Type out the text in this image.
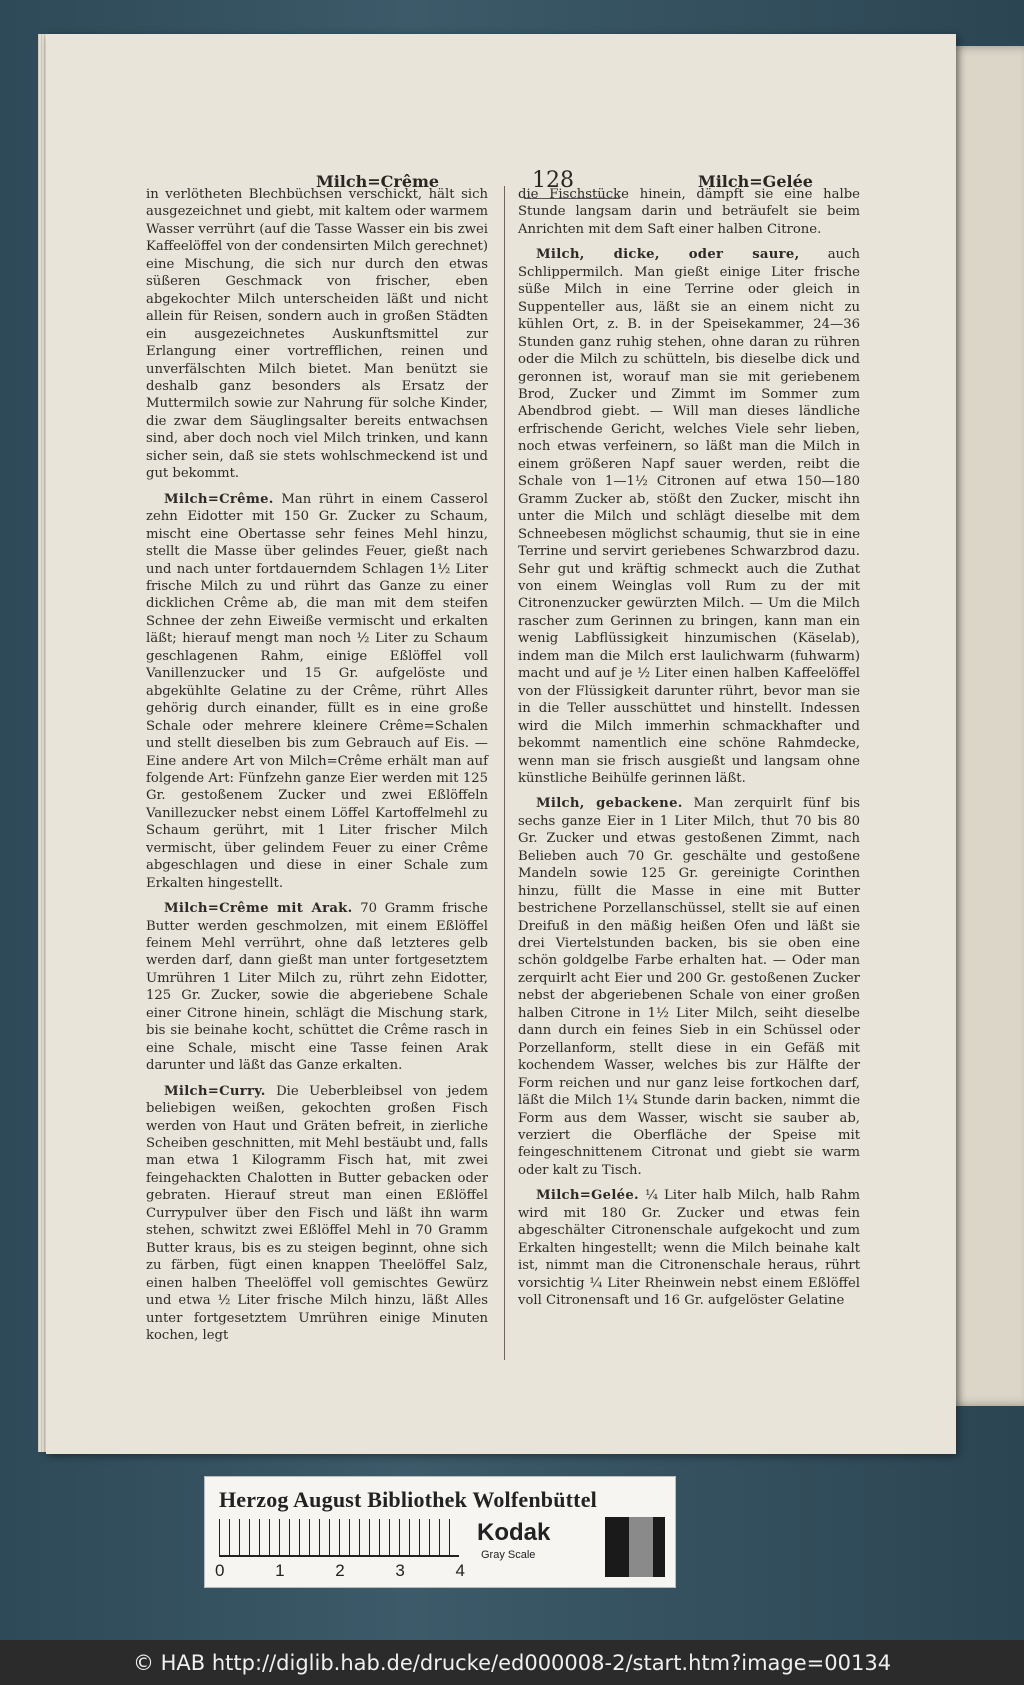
Milch=Crême	128	Milch=Gelée

in verlötheten Blechbüchsen verschickt, hält sich ausgezeichnet und giebt, mit kaltem oder warmem Wasser verrührt (auf die Tasse Wasser ein bis zwei Kaffeelöffel von der condensirten Milch gerechnet) eine Mischung, die sich nur durch den etwas süßeren Geschmack von frischer, eben abgekochter Milch unterscheiden läßt und nicht allein für Reisen, sondern auch in großen Städten ein ausgezeichnetes Auskunftsmittel zur Erlangung einer vortrefflichen, reinen und unverfälschten Milch bietet. Man benützt sie deshalb ganz besonders als Ersatz der Muttermilch sowie zur Nahrung für solche Kinder, die zwar dem Säuglingsalter bereits entwachsen sind, aber doch noch viel Milch trinken, und kann sicher sein, daß sie stets wohlschmeckend ist und gut bekommt.

Milch=Crême. Man rührt in einem Casserol zehn Eidotter mit 150 Gr. Zucker zu Schaum, mischt eine Obertasse sehr feines Mehl hinzu, stellt die Masse über gelindes Feuer, gießt nach und nach unter fortdauerndem Schlagen 1½ Liter frische Milch zu und rührt das Ganze zu einer dicklichen Crême ab, die man mit dem steifen Schnee der zehn Eiweiße vermischt und erkalten läßt; hierauf mengt man noch ½ Liter zu Schaum geschlagenen Rahm, einige Eßlöffel voll Vanillenzucker und 15 Gr. aufgelöste und abgekühlte Gelatine zu der Crême, rührt Alles gehörig durch einander, füllt es in eine große Schale oder mehrere kleinere Crême=Schalen und stellt dieselben bis zum Gebrauch auf Eis. — Eine andere Art von Milch=Crême erhält man auf folgende Art: Fünfzehn ganze Eier werden mit 125 Gr. gestoßenem Zucker und zwei Eßlöffeln Vanillezucker nebst einem Löffel Kartoffelmehl zu Schaum gerührt, mit 1 Liter frischer Milch vermischt, über gelindem Feuer zu einer Crême abgeschlagen und diese in einer Schale zum Erkalten hingestellt.

Milch=Crême mit Arak. 70 Gramm frische Butter werden geschmolzen, mit einem Eßlöffel feinem Mehl verrührt, ohne daß letzteres gelb werden darf, dann gießt man unter fortgesetztem Umrühren 1 Liter Milch zu, rührt zehn Eidotter, 125 Gr. Zucker, sowie die abgeriebene Schale einer Citrone hinein, schlägt die Mischung stark, bis sie beinahe kocht, schüttet die Crême rasch in eine Schale, mischt eine Tasse feinen Arak darunter und läßt das Ganze erkalten.

Milch=Curry. Die Ueberbleibsel von jedem beliebigen weißen, gekochten großen Fisch werden von Haut und Gräten befreit, in zierliche Scheiben geschnitten, mit Mehl bestäubt und, falls man etwa 1 Kilogramm Fisch hat, mit zwei feingehackten Chalotten in Butter gebacken oder gebraten. Hierauf streut man einen Eßlöffel Currypulver über den Fisch und läßt ihn warm stehen, schwitzt zwei Eßlöffel Mehl in 70 Gramm Butter kraus, bis es zu steigen beginnt, ohne sich zu färben, fügt einen knappen Theelöffel Salz, einen halben Theelöffel voll gemischtes Gewürz und etwa ½ Liter frische Milch hinzu, läßt Alles unter fortgesetztem Umrühren einige Minuten kochen, legt

die Fischstücke hinein, dämpft sie eine halbe Stunde langsam darin und beträufelt sie beim Anrichten mit dem Saft einer halben Citrone.

Milch, dicke, oder saure, auch Schlippermilch. Man gießt einige Liter frische süße Milch in eine Terrine oder gleich in Suppenteller aus, läßt sie an einem nicht zu kühlen Ort, z. B. in der Speisekammer, 24—36 Stunden ganz ruhig stehen, ohne daran zu rühren oder die Milch zu schütteln, bis dieselbe dick und geronnen ist, worauf man sie mit geriebenem Brod, Zucker und Zimmt im Sommer zum Abendbrod giebt. — Will man dieses ländliche erfrischende Gericht, welches Viele sehr lieben, noch etwas verfeinern, so läßt man die Milch in einem größeren Napf sauer werden, reibt die Schale von 1—1½ Citronen auf etwa 150—180 Gramm Zucker ab, stößt den Zucker, mischt ihn unter die Milch und schlägt dieselbe mit dem Schneebesen möglichst schaumig, thut sie in eine Terrine und servirt geriebenes Schwarzbrod dazu. Sehr gut und kräftig schmeckt auch die Zuthat von einem Weinglas voll Rum zu der mit Citronenzucker gewürzten Milch. — Um die Milch rascher zum Gerinnen zu bringen, kann man ein wenig Labflüssigkeit hinzumischen (Käselab), indem man die Milch erst laulichwarm (fuhwarm) macht und auf je ½ Liter einen halben Kaffeelöffel von der Flüssigkeit darunter rührt, bevor man sie in die Teller ausschüttet und hinstellt. Indessen wird die Milch immerhin schmackhafter und bekommt namentlich eine schöne Rahmdecke, wenn man sie frisch ausgießt und langsam ohne künstliche Beihülfe gerinnen läßt.

Milch, gebackene. Man zerquirlt fünf bis sechs ganze Eier in 1 Liter Milch, thut 70 bis 80 Gr. Zucker und etwas gestoßenen Zimmt, nach Belieben auch 70 Gr. geschälte und gestoßene Mandeln sowie 125 Gr. gereinigte Corinthen hinzu, füllt die Masse in eine mit Butter bestrichene Porzellanschüssel, stellt sie auf einen Dreifuß in den mäßig heißen Ofen und läßt sie drei Viertelstunden backen, bis sie oben eine schön goldgelbe Farbe erhalten hat. — Oder man zerquirlt acht Eier und 200 Gr. gestoßenen Zucker nebst der abgeriebenen Schale von einer großen halben Citrone in 1½ Liter Milch, seiht dieselbe dann durch ein feines Sieb in ein Schüssel oder Porzellanform, stellt diese in ein Gefäß mit kochendem Wasser, welches bis zur Hälfte der Form reichen und nur ganz leise fortkochen darf, läßt die Milch 1¼ Stunde darin backen, nimmt die Form aus dem Wasser, wischt sie sauber ab, verziert die Oberfläche der Speise mit feingeschnittenem Citronat und giebt sie warm oder kalt zu Tisch.

Milch=Gelée. ¼ Liter halb Milch, halb Rahm wird mit 180 Gr. Zucker und etwas fein abgeschälter Citronenschale aufgekocht und zum Erkalten hingestellt; wenn die Milch beinahe kalt ist, nimmt man die Citronenschale heraus, rührt vorsichtig ¼ Liter Rheinwein nebst einem Eßlöffel voll Citronensaft und 16 Gr. aufgelöster Gelatine

Herzog August Bibliothek Wolfenbüttel
0	1	2	3	4
Kodak
Gray Scale
© HAB http://diglib.hab.de/drucke/ed000008-2/start.htm?image=00134
